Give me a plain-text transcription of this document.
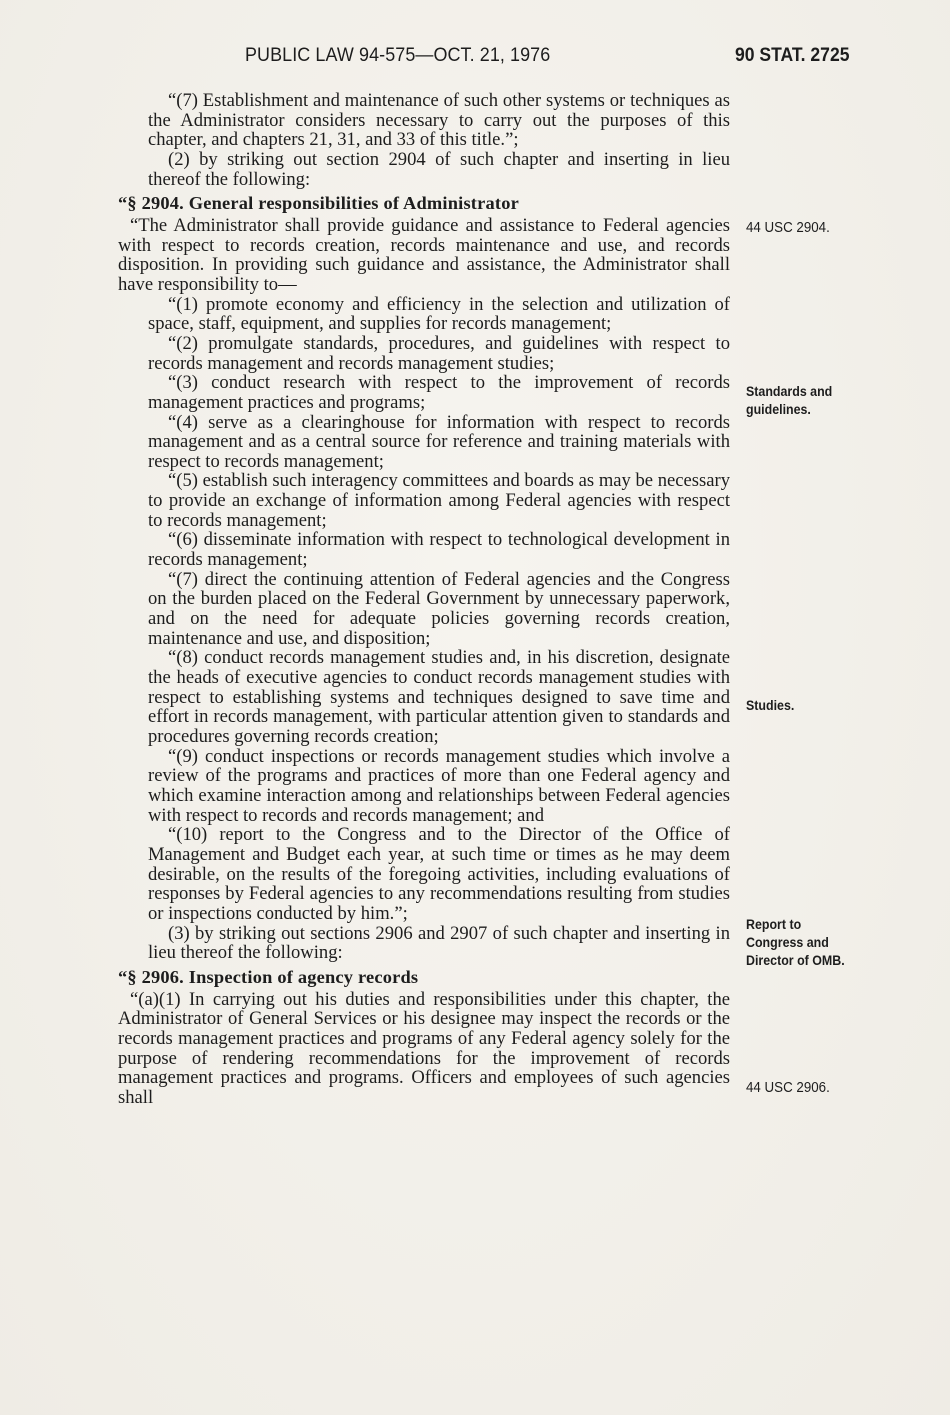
PUBLIC LAW 94-575—OCT. 21, 1976	90 STAT. 2725

“(7) Establishment and maintenance of such other systems or techniques as the Administrator considers necessary to carry out the purposes of this chapter, and chapters 21, 31, and 33 of this title.”;

(2) by striking out section 2904 of such chapter and inserting in lieu thereof the following:

“§ 2904. General responsibilities of Administrator

“The Administrator shall provide guidance and assistance to Federal agencies with respect to records creation, records maintenance and use, and records disposition. In providing such guidance and assistance, the Administrator shall have responsibility to—

“(1) promote economy and efficiency in the selection and utilization of space, staff, equipment, and supplies for records management;

“(2) promulgate standards, procedures, and guidelines with respect to records management and records management studies;

“(3) conduct research with respect to the improvement of records management practices and programs;

“(4) serve as a clearinghouse for information with respect to records management and as a central source for reference and training materials with respect to records management;

“(5) establish such interagency committees and boards as may be necessary to provide an exchange of information among Federal agencies with respect to records management;

“(6) disseminate information with respect to technological development in records management;

“(7) direct the continuing attention of Federal agencies and the Congress on the burden placed on the Federal Government by unnecessary paperwork, and on the need for adequate policies governing records creation, maintenance and use, and disposition;

“(8) conduct records management studies and, in his discretion, designate the heads of executive agencies to conduct records management studies with respect to establishing systems and techniques designed to save time and effort in records management, with particular attention given to standards and procedures governing records creation;

“(9) conduct inspections or records management studies which involve a review of the programs and practices of more than one Federal agency and which examine interaction among and relationships between Federal agencies with respect to records and records management; and

“(10) report to the Congress and to the Director of the Office of Management and Budget each year, at such time or times as he may deem desirable, on the results of the foregoing activities, including evaluations of responses by Federal agencies to any recommendations resulting from studies or inspections conducted by him.”;

(3) by striking out sections 2906 and 2907 of such chapter and inserting in lieu thereof the following:

“§ 2906. Inspection of agency records

“(a)(1) In carrying out his duties and responsibilities under this chapter, the Administrator of General Services or his designee may inspect the records or the records management practices and programs of any Federal agency solely for the purpose of rendering recommendations for the improvement of records management practices and programs. Officers and employees of such agencies shall

44 USC 2904.
Standards and
guidelines.
Studies.
Report to
Congress and
Director of OMB.
44 USC 2906.
